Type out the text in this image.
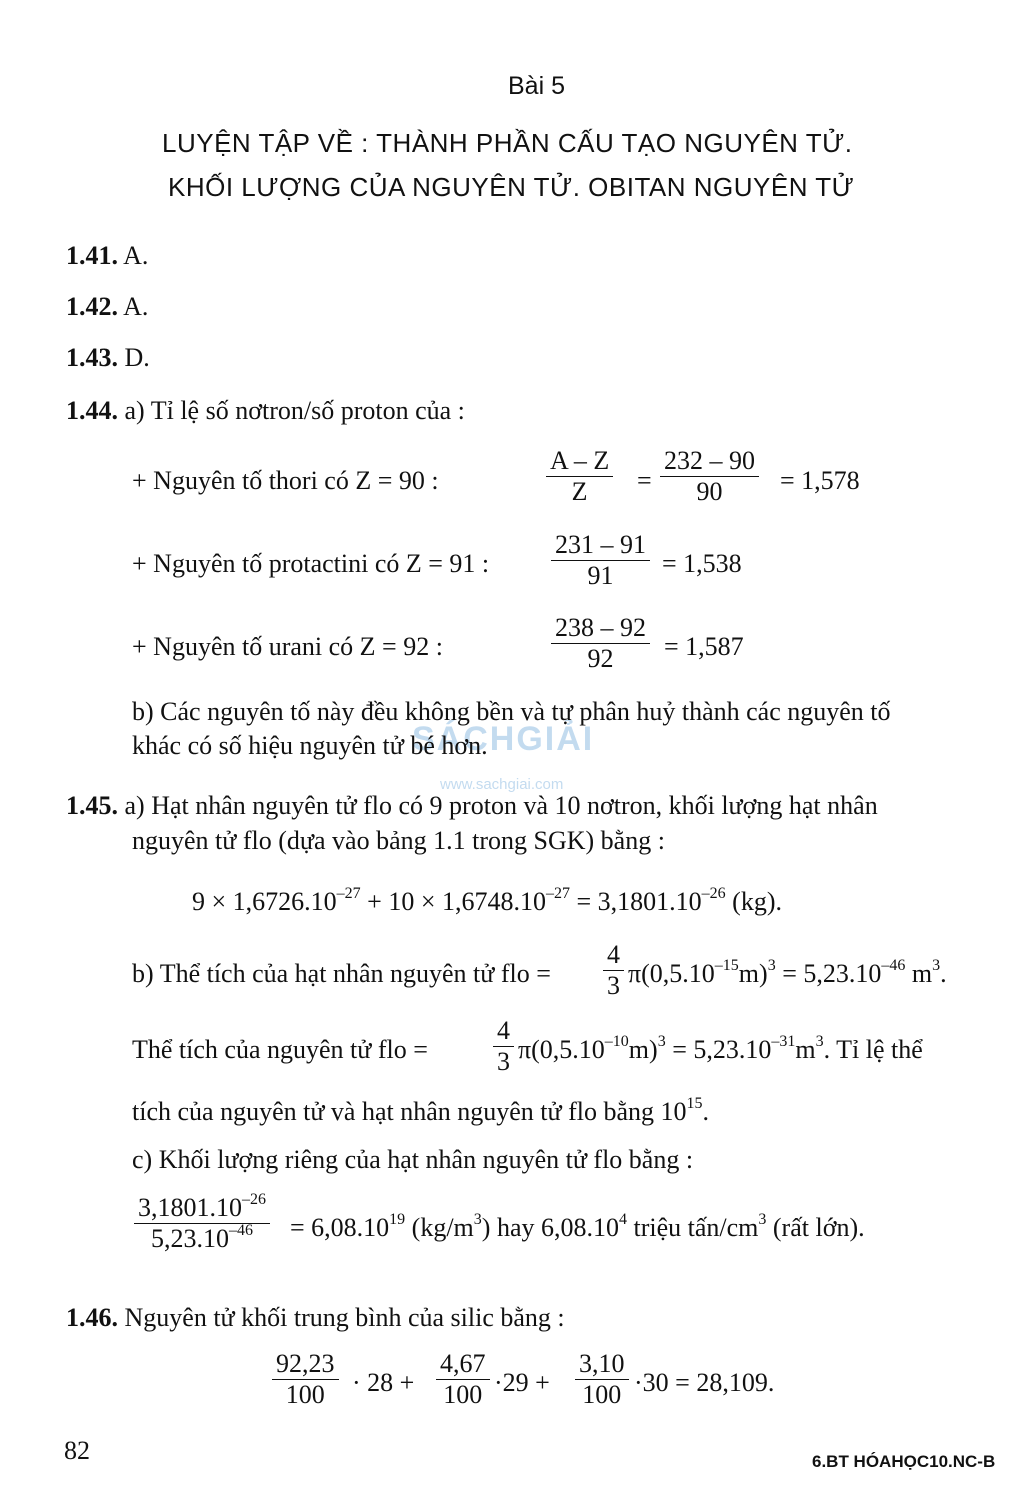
SÁCHGIẢI
www.sachgiai.com
Bài 5
LUYỆN TẬP VỀ : THÀNH PHẦN CẤU TẠO NGUYÊN TỬ.
KHỐI LƯỢNG CỦA NGUYÊN TỬ. OBITAN NGUYÊN TỬ
1.41. A.
1.42. A.
1.43. D.
1.44. a) Tỉ lệ số nơtron/số proton của :
+ Nguyên tố thori có Z = 90 :
A – Z
Z	=
232 – 90
90	= 1,578
+ Nguyên tố protactini có Z = 91 :
231 – 91
91	= 1,538
+ Nguyên tố urani có Z = 92 :
238 – 92
92	= 1,587
b) Các nguyên tố này đều không bền và tự phân huỷ thành các nguyên tố
khác có số hiệu nguyên tử bé hơn.
1.45. a) Hạt nhân nguyên tử flo có 9 proton và 10 nơtron, khối lượng hạt nhân
nguyên tử flo (dựa vào bảng 1.1 trong SGK) bằng :
$9 \times 1,6726.10^{-27} + 10 \times 1,6748.10^{-27} = 3,1801.10^{-26}$ (kg).
b) Thể tích của hạt nhân nguyên tử flo =
4
3 $\pi(0,5.10^{-15}m)^3 = 5,23.10^{-46}$ $m^3$.
Thể tích của nguyên tử flo =
4
3 $\pi(0,5.10^{-10}m)^3 = 5,23.10^{-31}m^3$. Tỉ lệ thể
tích của nguyên tử và hạt nhân nguyên tử flo bằng $10^{15}$.
c) Khối lượng riêng của hạt nhân nguyên tử flo bằng :
$3,1801.10^{-26}$
$5,23.10^{-46}$	= $6,08.10^{19}$ $(kg/m^3)$ hay 6,08.10$^4$ triệu tấn/$cm^3$ (rất lớn).
1.46. Nguyên tử khối trung bình của silic bằng :
92,23
100	· 28 +
4,67
100 ·29 +
3,10
100 ·30 = 28,109.
82	6.BT HÓAHỌC10.NC-B
